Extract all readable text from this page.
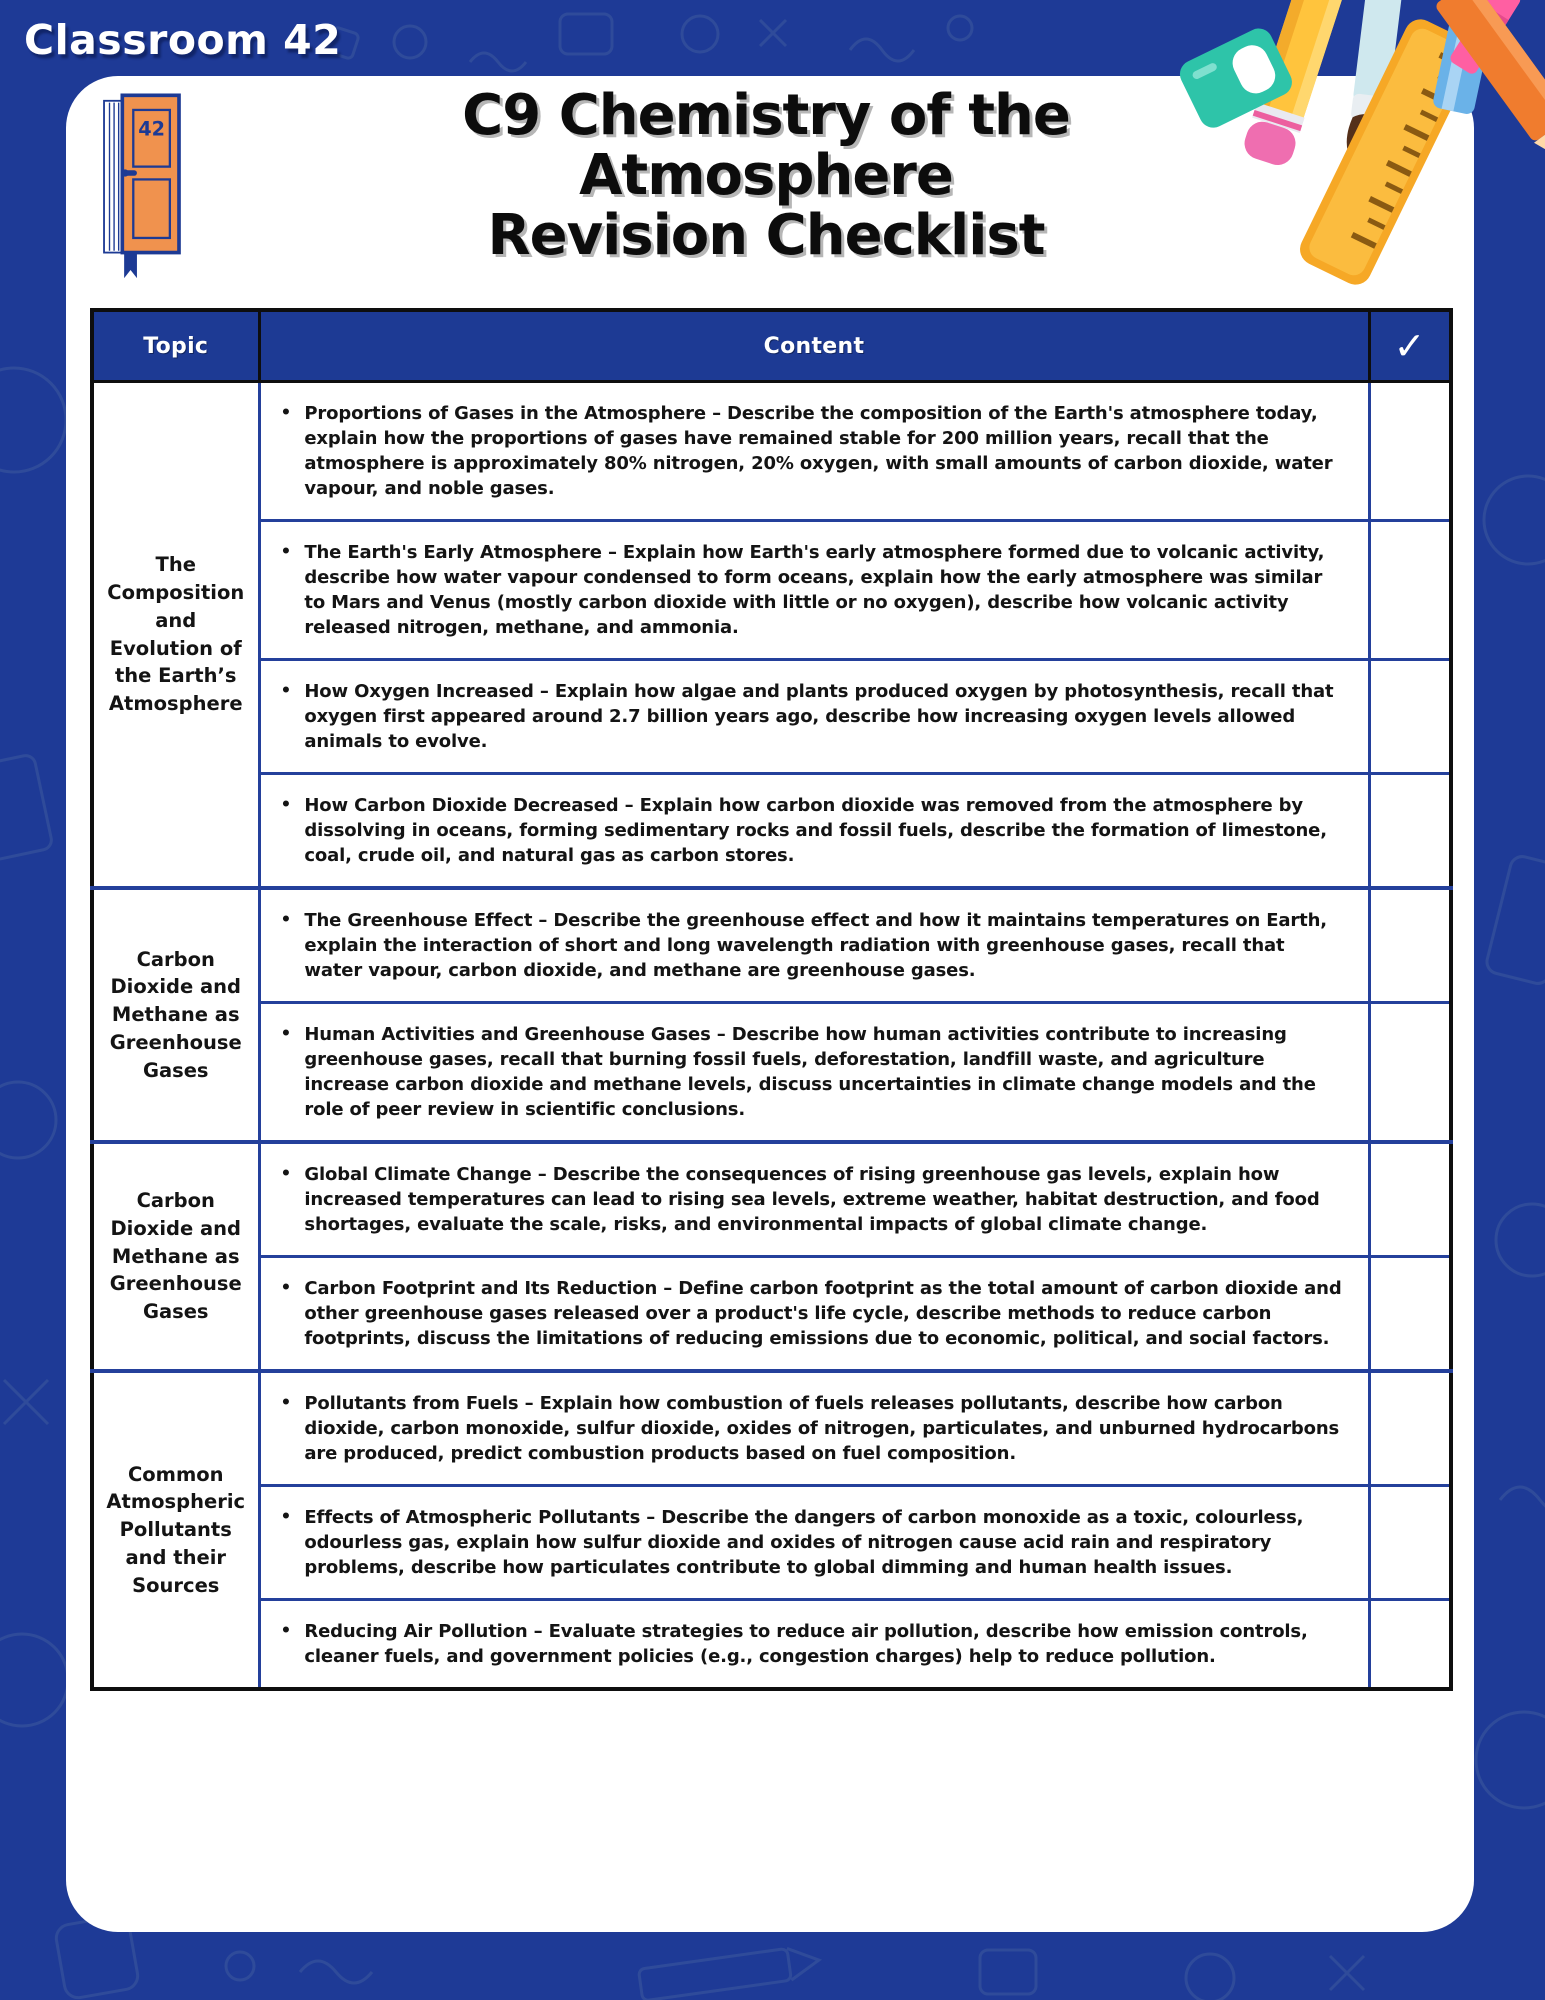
Classroom 42
42	C9 Chemistry of the
Atmosphere
Revision Checklist
Topic	Content	✓
The Composition and Evolution of the Earth’s Atmosphere	• Proportions of Gases in the Atmosphere – Describe the composition of the Earth's atmosphere today, explain how the proportions of gases have remained stable for 200 million years, recall that the atmosphere is approximately 80% nitrogen, 20% oxygen, with small amounts of carbon dioxide, water vapour, and noble gases.	

	• The Earth's Early Atmosphere – Explain how Earth's early atmosphere formed due to volcanic activity, describe how water vapour condensed to form oceans, explain how the early atmosphere was similar to Mars and Venus (mostly carbon dioxide with little or no oxygen), describe how volcanic activity released nitrogen, methane, and ammonia.	

	• How Oxygen Increased – Explain how algae and plants produced oxygen by photosynthesis, recall that oxygen first appeared around 2.7 billion years ago, describe how increasing oxygen levels allowed animals to evolve.	

	• How Carbon Dioxide Decreased – Explain how carbon dioxide was removed from the atmosphere by dissolving in oceans, forming sedimentary rocks and fossil fuels, describe the formation of limestone, coal, crude oil, and natural gas as carbon stores.	

Carbon Dioxide and Methane as Greenhouse Gases	• The Greenhouse Effect – Describe the greenhouse effect and how it maintains temperatures on Earth, explain the interaction of short and long wavelength radiation with greenhouse gases, recall that water vapour, carbon dioxide, and methane are greenhouse gases.	

	• Human Activities and Greenhouse Gases – Describe how human activities contribute to increasing greenhouse gases, recall that burning fossil fuels, deforestation, landfill waste, and agriculture increase carbon dioxide and methane levels, discuss uncertainties in climate change models and the role of peer review in scientific conclusions.	

Carbon Dioxide and Methane as Greenhouse Gases	• Global Climate Change – Describe the consequences of rising greenhouse gas levels, explain how increased temperatures can lead to rising sea levels, extreme weather, habitat destruction, and food shortages, evaluate the scale, risks, and environmental impacts of global climate change.	

	• Carbon Footprint and Its Reduction – Define carbon footprint as the total amount of carbon dioxide and other greenhouse gases released over a product's life cycle, describe methods to reduce carbon footprints, discuss the limitations of reducing emissions due to economic, political, and social factors.	

Common Atmospheric Pollutants and their Sources	• Pollutants from Fuels – Explain how combustion of fuels releases pollutants, describe how carbon dioxide, carbon monoxide, sulfur dioxide, oxides of nitrogen, particulates, and unburned hydrocarbons are produced, predict combustion products based on fuel composition.	

	• Effects of Atmospheric Pollutants – Describe the dangers of carbon monoxide as a toxic, colourless, odourless gas, explain how sulfur dioxide and oxides of nitrogen cause acid rain and respiratory problems, describe how particulates contribute to global dimming and human health issues.	

	• Reducing Air Pollution – Evaluate strategies to reduce air pollution, describe how emission controls, cleaner fuels, and government policies (e.g., congestion charges) help to reduce pollution.	
